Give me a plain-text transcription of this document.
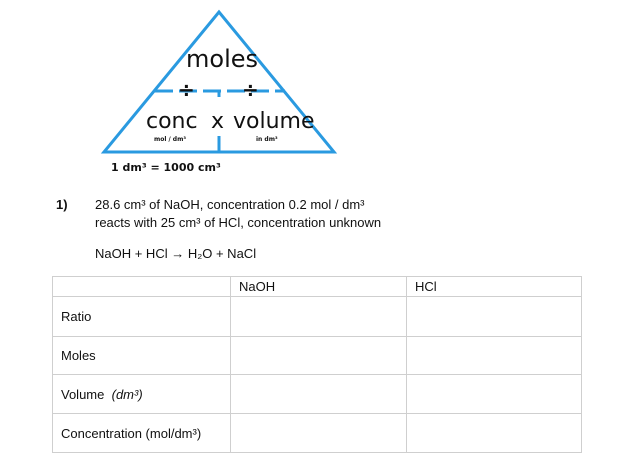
moles
÷ ÷
conc
mol / dm³
x volume
in dm³
1 dm³ = 1000 cm³
1) 28.6 cm³ of NaOH, concentration 0.2 mol / dm³
reacts with 25 cm³ of HCl, concentration unknown
NaOH + HCl → H₂O + NaCl
	NaOH	HCl
Ratio		
Moles		
Volume (dm³)		
Concentration (mol/dm³)		
